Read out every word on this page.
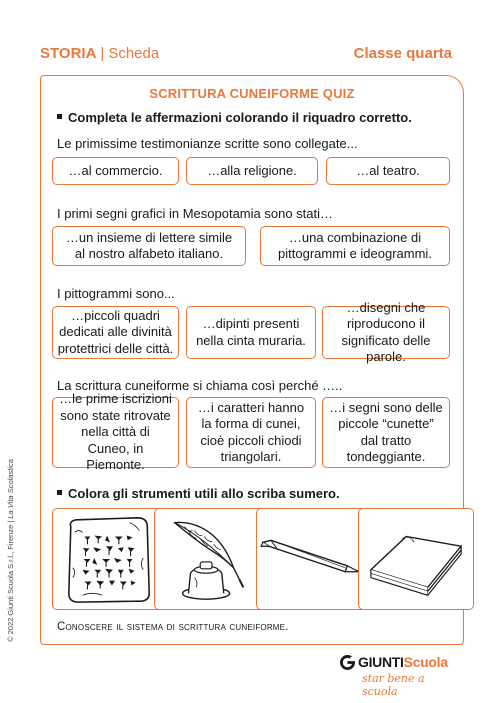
STORIA | Scheda	Classe quarta
SCRITTURA CUNEIFORME QUIZ
Completa le affermazioni colorando il riquadro corretto.
Le primissime testimonianze scritte sono collegate...
…al commercio.	…alla religione.	…al teatro.
I primi segni grafici in Mesopotamia sono stati…
…un insieme di lettere simile al nostro alfabeto italiano.
…una combinazione di pittogrammi e ideogrammi.
I pittogrammi sono...
…piccoli quadri dedicati alle divinità protettrici delle città.
…dipinti presenti nella cinta muraria.
…disegni che riproducono il significato delle parole.
La scrittura cuneiforme si chiama così perché …..
…le prime iscrizioni sono state ritrovate nella città di Cuneo, in Piemonte.
…i caratteri hanno la forma di cunei, cioè piccoli chiodi triangolari.
…i segni sono delle piccole “cunette” dal tratto tondeggiante.
Colora gli strumenti utili allo scriba sumero.
Conoscere il sistema di scrittura cuneiforme.
© 2022 Giunti Scuola S.r.l., Firenze | La Vita Scolastica
GIUNTIScuola
star bene a scuola
